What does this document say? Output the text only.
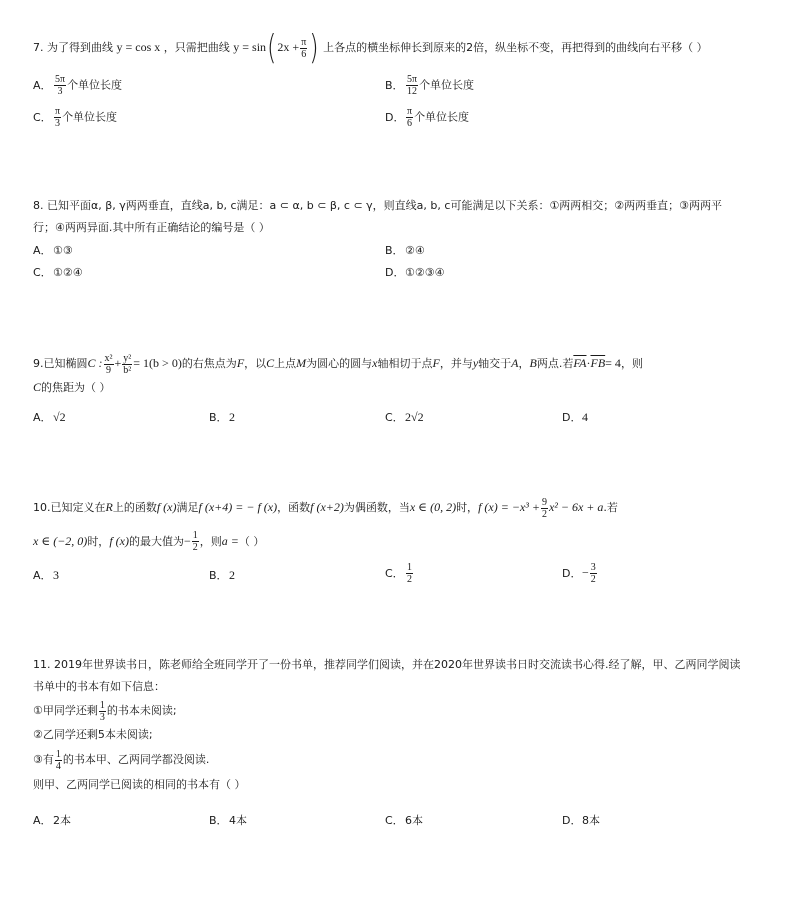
7. 为了得到曲线 y = cos x ，只需把曲线 $y = \sin(2x + \frac{\pi}{6}$ ) 上各点的横坐标伸长到原来的2倍，纵坐标不变，再把得到的曲线向右平移（ ）
A． $\frac{5\pi}{3}$ 个单位长度	B． $\frac{5\pi}{12}$ 个单位长度
C． $\frac{\pi}{3}$ 个单位长度	D． $\frac{\pi}{6}$ 个单位长度
8. 已知平面α, β, γ两两垂直，直线a, b, c满足：a ⊂ α, b ⊂ β, c ⊂ γ，则直线a, b, c可能满足以下关系：①两两相交；②两两垂直；③两两平
行；④两两异面.其中所有正确结论的编号是（ ）
A．①③	B．②④
C．①②④	D．①②③④
9.已知椭圆C : $\frac{\text{x²}}{9} + \frac{\text{y²}}{\text{b²}} = 1(b > 0)$的右焦点为F，以C上点M为圆心的圆与x轴相切于点F，并与y轴交于A，B两点.若$\overline{FA}\cdot\overline{FB}= 4$，则
C的焦距为（ ）
A．√2	B．2	C．2√2	D．4
10.已知定义在R上的函数f (x)满足f (x+4) = − f (x)，函数f (x+2)为偶函数，当x ∈ (0, 2)时，f $(x) = -x^3 + \frac{9}{2} x^2 - 6x + a$.若
x ∈ (−2, 0)时，f (x)的最大值为− $\frac{1}{2}$ ，则a =（ ）
A．3	B．2	C． $\frac{1}{2}$	D．− $\frac{3}{2}$
11. 2019年世界读书日，陈老师给全班同学开了一份书单，推荐同学们阅读，并在2020年世界读书日时交流读书心得.经了解，甲、乙两同学阅读
书单中的书本有如下信息：
①甲同学还剩 $\frac{1}{3}$ 的书本未阅读;
②乙同学还剩5本未阅读;
③有 $\frac{1}{4}$ 的书本甲、乙两同学都没阅读.
则甲、乙两同学已阅读的相同的书本有（ ）
A．2本	B．4本	C．6本	D．8本
